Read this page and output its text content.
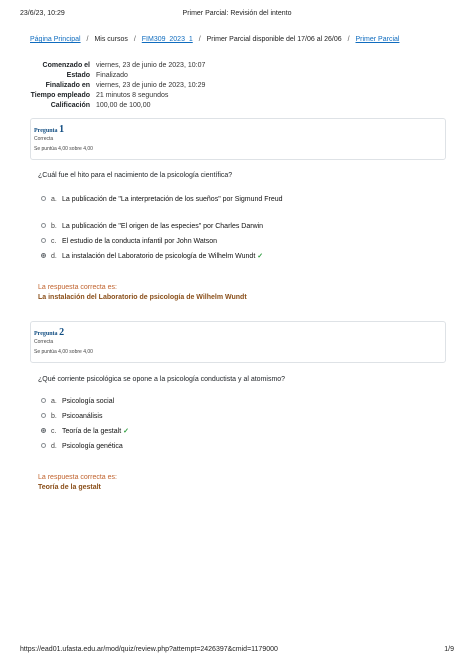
23/6/23, 10:29	Primer Parcial: Revisión del intento
Página Principal / Mis cursos / FIM309_2023_1 / Primer Parcial disponible del 17/06 al 26/06 / Primer Parcial
Comenzado el viernes, 23 de junio de 2023, 10:07
Estado Finalizado
Finalizado en viernes, 23 de junio de 2023, 10:29
Tiempo empleado 21 minutos 8 segundos
Calificación 100,00 de 100,00
Pregunta 1
Correcta
Se puntúa 4,00 sobre 4,00
¿Cuál fue el hito para el nacimiento de la psicología científica?
a. La publicación de "La interpretación de los sueños" por Sigmund Freud
b. La publicación de "El origen de las especies" por Charles Darwin
c. El estudio de la conducta infantil por John Watson
d. La instalación del Laboratorio de psicología de Wilhelm Wundt ✓
La respuesta correcta es:
La instalación del Laboratorio de psicología de Wilhelm Wundt
Pregunta 2
Correcta
Se puntúa 4,00 sobre 4,00
¿Qué corriente psicológica se opone a la psicología conductista y al atomismo?
a. Psicología social
b. Psicoanálisis
c. Teoría de la gestalt ✓
d. Psicología genética
La respuesta correcta es:
Teoría de la gestalt
https://ead01.ufasta.edu.ar/mod/quiz/review.php?attempt=2426397&cmid=1179000	1/9
